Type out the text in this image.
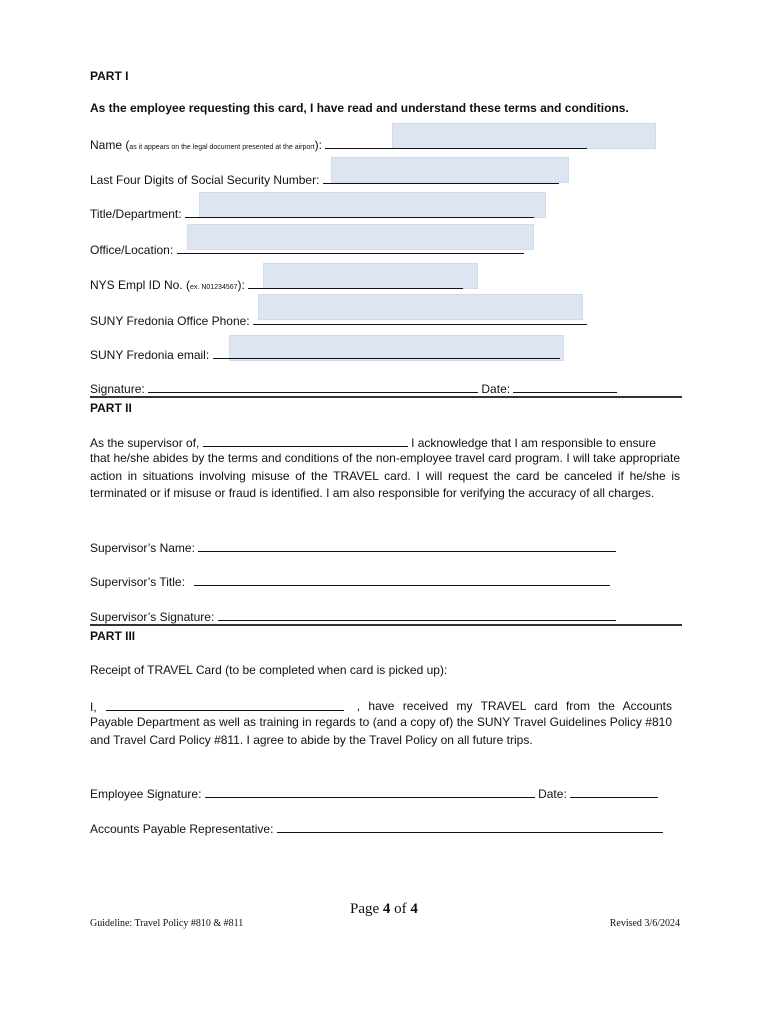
PART I
As the employee requesting this card, I have read and understand these terms and conditions.
Name (as it appears on the legal document presented at the airport):
Last Four Digits of Social Security Number:
Title/Department:
Office/Location:
NYS Empl ID No. (ex. N01234567):
SUNY Fredonia Office Phone:
SUNY Fredonia email:
Signature:	Date:
PART II
As the supervisor of,	I acknowledge that I am responsible to ensure
that he/she abides by the terms and conditions of the non-employee travel card program. I will take appropriate action in situations involving misuse of the TRAVEL card. I will request the card be canceled if he/she is terminated or if misuse or fraud is identified. I am also responsible for verifying the accuracy of all charges.
Supervisor’s Name:
Supervisor’s Title:
Supervisor’s Signature:
PART III
Receipt of TRAVEL Card (to be completed when card is picked up):
I,	, have received my TRAVEL card from the Accounts
Payable Department as well as training in regards to (and a copy of) the SUNY Travel Guidelines Policy #810 and Travel Card Policy #811. I agree to abide by the Travel Policy on all future trips.
Employee Signature:	Date:
Accounts Payable Representative:
Page 4 of 4
Guideline: Travel Policy #810 & #811	Revised 3/6/2024
